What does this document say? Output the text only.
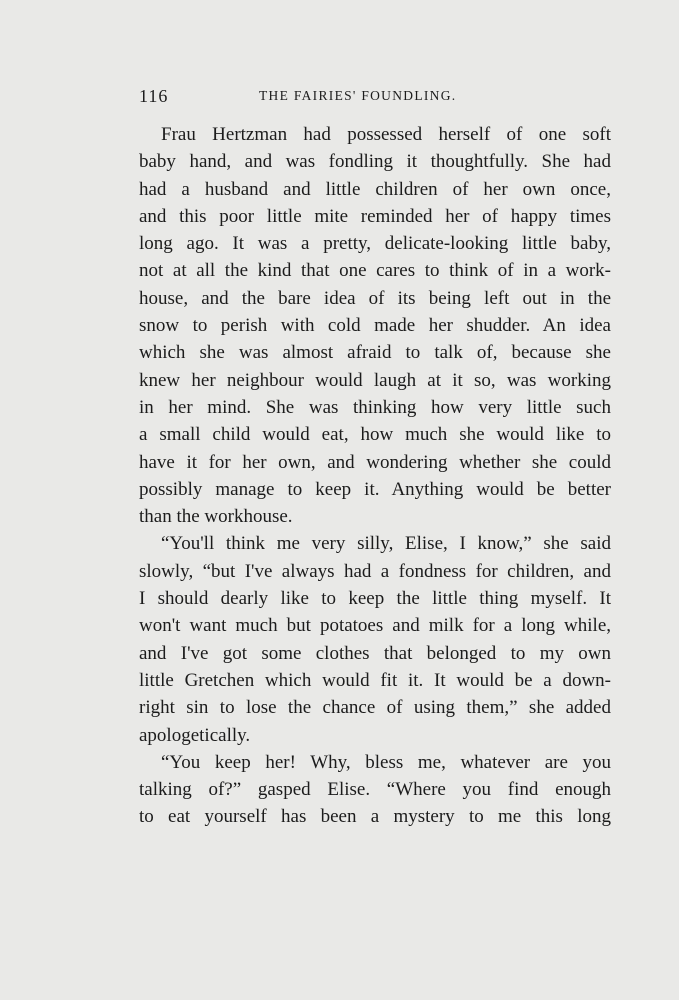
116	THE FAIRIES' FOUNDLING.
Frau Hertzman had possessed herself of one soft
baby hand, and was fondling it thoughtfully. She had
had a husband and little children of her own once,
and this poor little mite reminded her of happy times
long ago. It was a pretty, delicate-looking little baby,
not at all the kind that one cares to think of in a work-
house, and the bare idea of its being left out in the
snow to perish with cold made her shudder. An idea
which she was almost afraid to talk of, because she
knew her neighbour would laugh at it so, was working
in her mind. She was thinking how very little such
a small child would eat, how much she would like to
have it for her own, and wondering whether she could
possibly manage to keep it. Anything would be better
than the workhouse.
“You'll think me very silly, Elise, I know,” she said
slowly, “but I've always had a fondness for children, and
I should dearly like to keep the little thing myself. It
won't want much but potatoes and milk for a long while,
and I've got some clothes that belonged to my own
little Gretchen which would fit it. It would be a down-
right sin to lose the chance of using them,” she added
apologetically.
“You keep her! Why, bless me, whatever are you
talking of?” gasped Elise. “Where you find enough
to eat yourself has been a mystery to me this long
